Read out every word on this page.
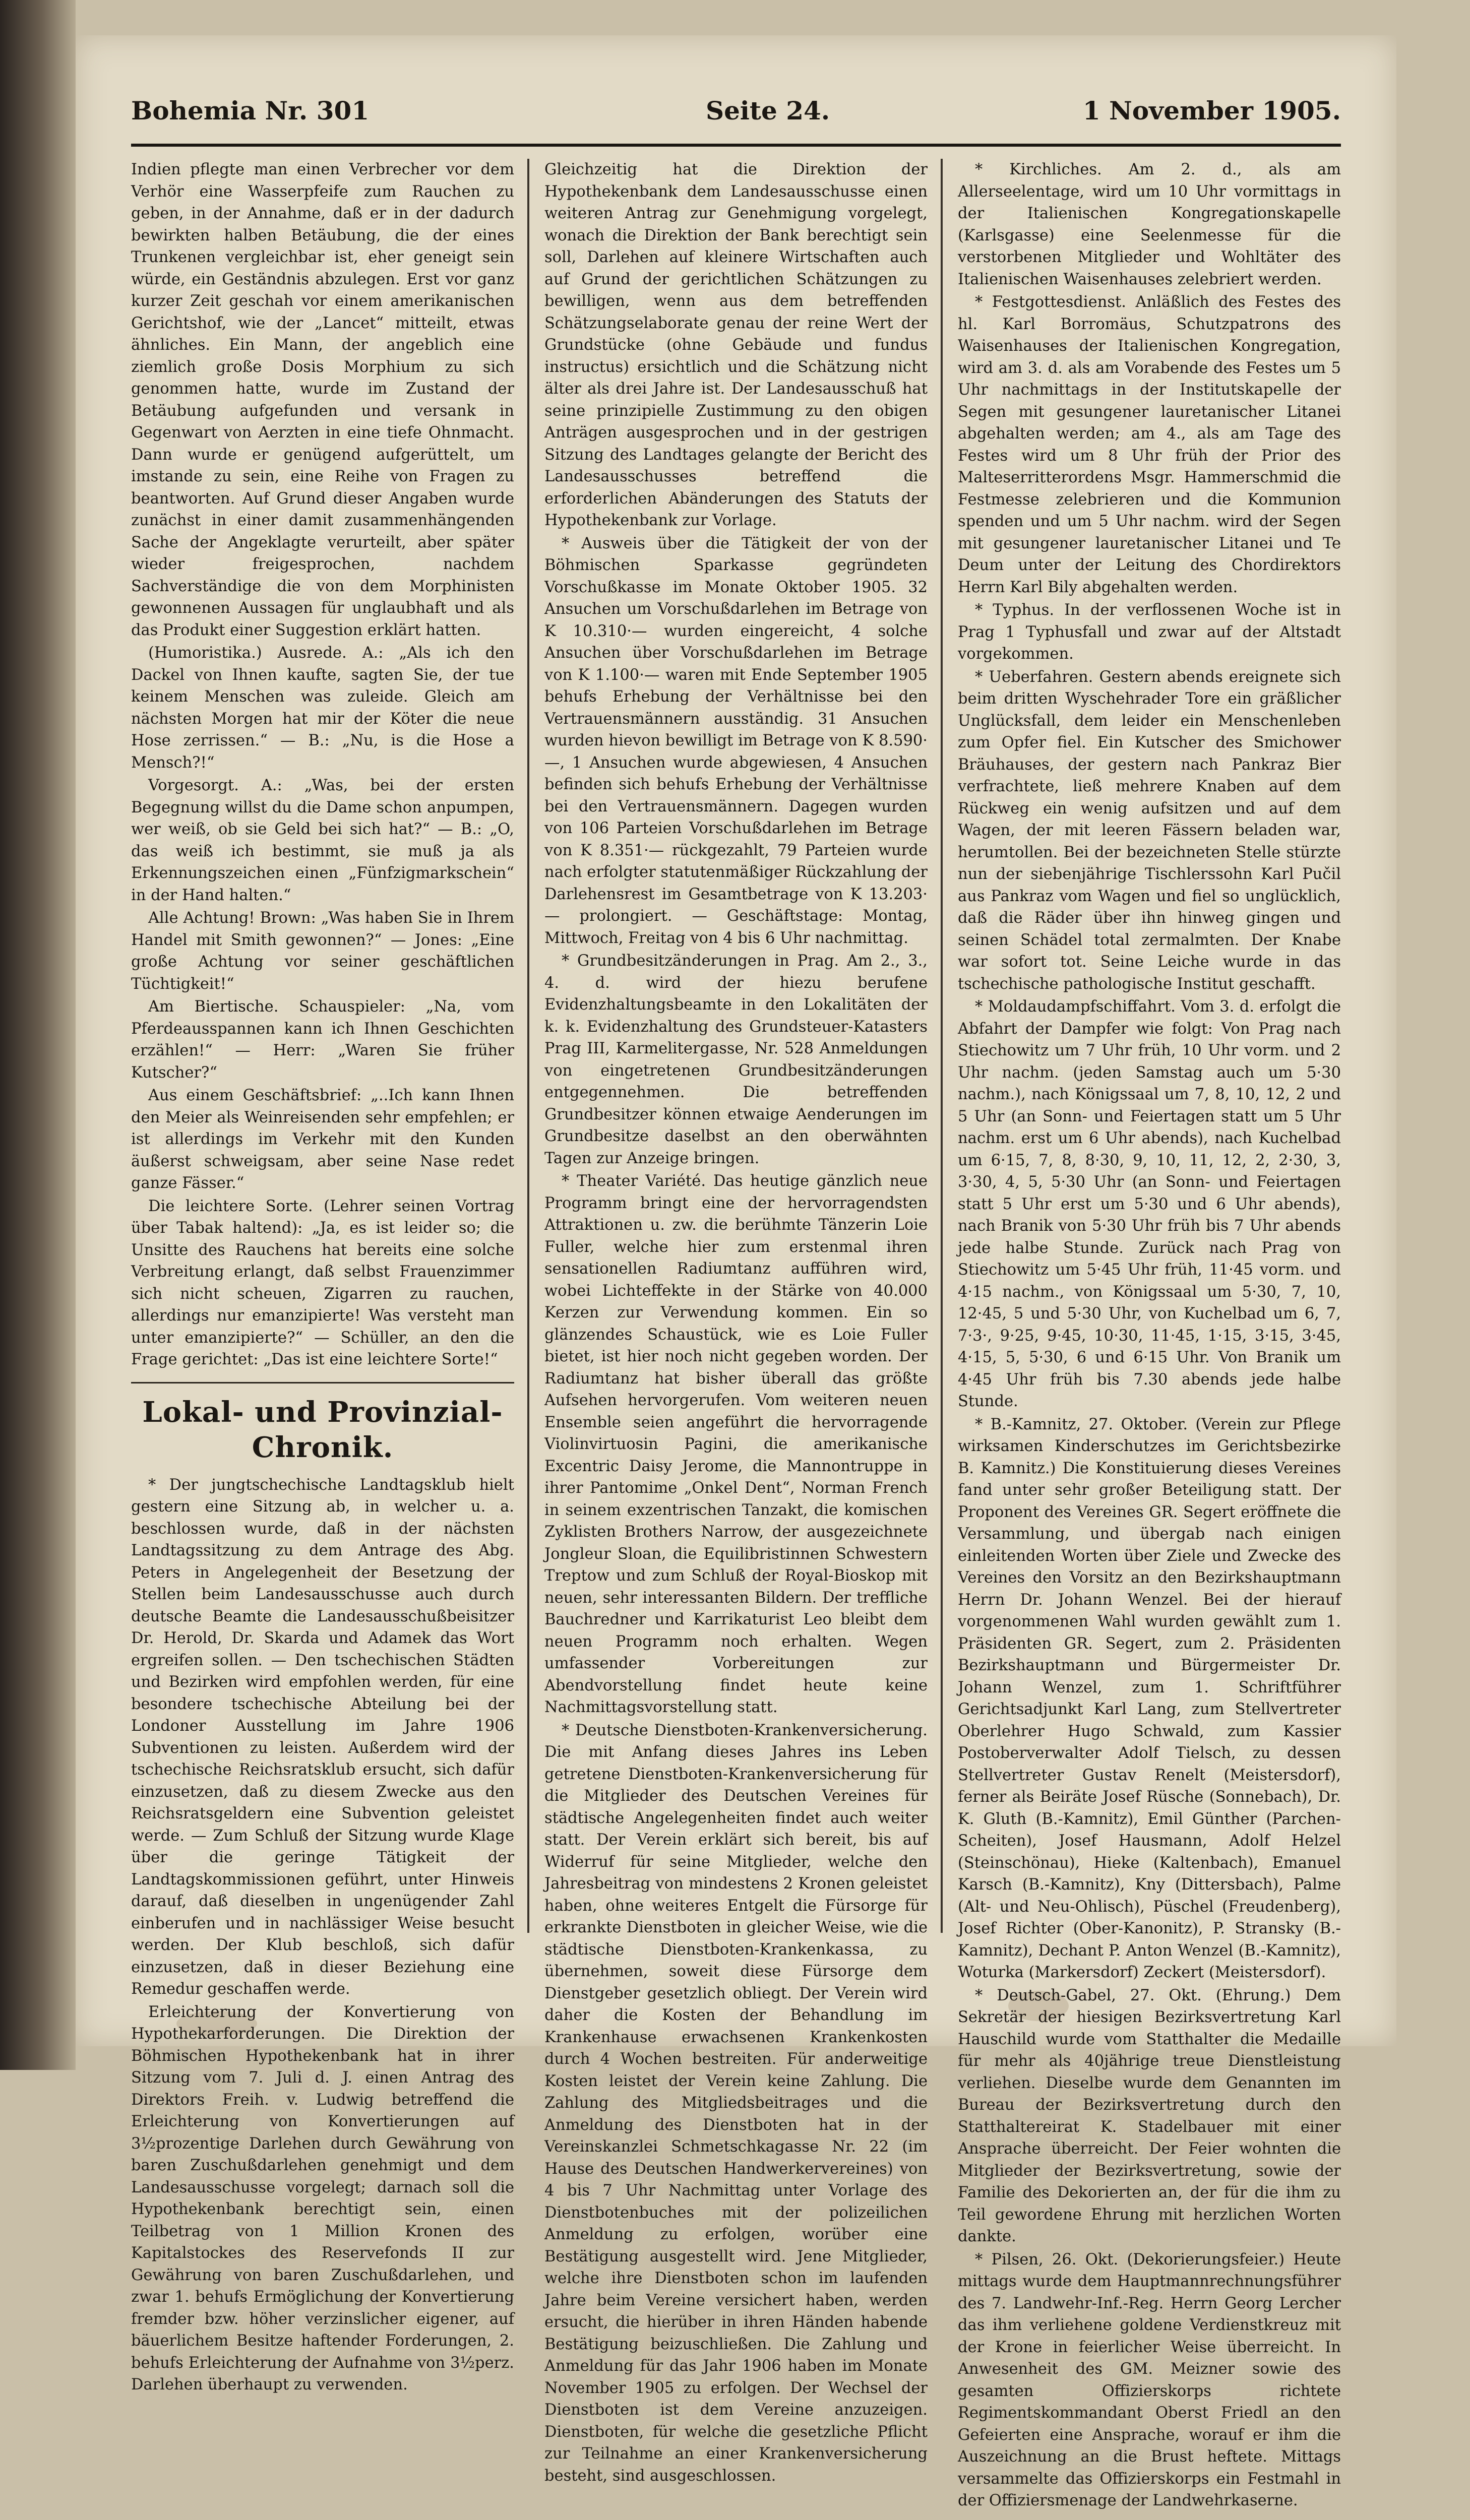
Bohemia Nr. 301	Seite 24.	1 November 1905.

Indien pflegte man einen Verbrecher vor dem Verhör eine Wasserpfeife zum Rauchen zu geben, in der Annahme, daß er in der dadurch bewirkten halben Betäubung, die der eines Trunkenen vergleichbar ist, eher geneigt sein würde, ein Geständnis abzulegen. Erst vor ganz kurzer Zeit geschah vor einem amerikanischen Gerichtshof, wie der „Lancet“ mitteilt, etwas ähnliches. Ein Mann, der angeblich eine ziemlich große Dosis Morphium zu sich genommen hatte, wurde im Zustand der Betäubung aufgefunden und versank in Gegenwart von Aerzten in eine tiefe Ohnmacht. Dann wurde er genügend aufgerüttelt, um imstande zu sein, eine Reihe von Fragen zu beantworten. Auf Grund dieser Angaben wurde zunächst in einer damit zusammenhängenden Sache der Angeklagte verurteilt, aber später wieder freigesprochen, nachdem Sachverständige die von dem Morphinisten gewonnenen Aussagen für unglaubhaft und als das Produkt einer Suggestion erklärt hatten.

(Humoristika.) Ausrede. A.: „Als ich den Dackel von Ihnen kaufte, sagten Sie, der tue keinem Menschen was zuleide. Gleich am nächsten Morgen hat mir der Köter die neue Hose zerrissen.“ — B.: „Nu, is die Hose a Mensch?!“

Vorgesorgt. A.: „Was, bei der ersten Begegnung willst du die Dame schon anpumpen, wer weiß, ob sie Geld bei sich hat?“ — B.: „O, das weiß ich bestimmt, sie muß ja als Erkennungszeichen einen „Fünfzigmarkschein“ in der Hand halten.“

Alle Achtung! Brown: „Was haben Sie in Ihrem Handel mit Smith gewonnen?“ — Jones: „Eine große Achtung vor seiner geschäftlichen Tüchtigkeit!“

Am Biertische. Schauspieler: „Na, vom Pferdeausspannen kann ich Ihnen Geschichten erzählen!“ — Herr: „Waren Sie früher Kutscher?“

Aus einem Geschäftsbrief: „..Ich kann Ihnen den Meier als Weinreisenden sehr empfehlen; er ist allerdings im Verkehr mit den Kunden äußerst schweigsam, aber seine Nase redet ganze Fässer.“

Die leichtere Sorte. (Lehrer seinen Vortrag über Tabak haltend): „Ja, es ist leider so; die Unsitte des Rauchens hat bereits eine solche Verbreitung erlangt, daß selbst Frauenzimmer sich nicht scheuen, Zigarren zu rauchen, allerdings nur emanzipierte! Was versteht man unter emanzipierte?“ — Schüller, an den die Frage gerichtet: „Das ist eine leichtere Sorte!“

Lokal- und Provinzial-Chronik.

* Der jungtschechische Landtagsklub hielt gestern eine Sitzung ab, in welcher u. a. beschlossen wurde, daß in der nächsten Landtagssitzung zu dem Antrage des Abg. Peters in Angelegenheit der Besetzung der Stellen beim Landesausschusse auch durch deutsche Beamte die Landesausschußbeisitzer Dr. Herold, Dr. Skarda und Adamek das Wort ergreifen sollen. — Den tschechischen Städten und Bezirken wird empfohlen werden, für eine besondere tschechische Abteilung bei der Londoner Ausstellung im Jahre 1906 Subventionen zu leisten. Außerdem wird der tschechische Reichsratsklub ersucht, sich dafür einzusetzen, daß zu diesem Zwecke aus den Reichsratsgeldern eine Subvention geleistet werde. — Zum Schluß der Sitzung wurde Klage über die geringe Tätigkeit der Landtagskommissionen geführt, unter Hinweis darauf, daß dieselben in ungenügender Zahl einberufen und in nachlässiger Weise besucht werden. Der Klub beschloß, sich dafür einzusetzen, daß in dieser Beziehung eine Remedur geschaffen werde.

Erleichterung der Konvertierung von Hypothekarforderungen. Die Direktion der Böhmischen Hypothekenbank hat in ihrer Sitzung vom 7. Juli d. J. einen Antrag des Direktors Freih. v. Ludwig betreffend die Erleichterung von Konvertierungen auf 3½prozentige Darlehen durch Gewährung von baren Zuschußdarlehen genehmigt und dem Landesausschusse vorgelegt; darnach soll die Hypothekenbank berechtigt sein, einen Teilbetrag von 1 Million Kronen des Kapitalstockes des Reservefonds II zur Gewährung von baren Zuschußdarlehen, und zwar 1. behufs Ermöglichung der Konvertierung fremder bzw. höher verzinslicher eigener, auf bäuerlichem Besitze haftender Forderungen, 2. behufs Erleichterung der Aufnahme von 3½perz. Darlehen überhaupt zu verwenden.

Gleichzeitig hat die Direktion der Hypothekenbank dem Landesausschusse einen weiteren Antrag zur Genehmigung vorgelegt, wonach die Direktion der Bank berechtigt sein soll, Darlehen auf kleinere Wirtschaften auch auf Grund der gerichtlichen Schätzungen zu bewilligen, wenn aus dem betreffenden Schätzungselaborate genau der reine Wert der Grundstücke (ohne Gebäude und fundus instructus) ersichtlich und die Schätzung nicht älter als drei Jahre ist. Der Landesausschuß hat seine prinzipielle Zustimmung zu den obigen Anträgen ausgesprochen und in der gestrigen Sitzung des Landtages gelangte der Bericht des Landesausschusses betreffend die erforderlichen Abänderungen des Statuts der Hypothekenbank zur Vorlage.

* Ausweis über die Tätigkeit der von der Böhmischen Sparkasse gegründeten Vorschußkasse im Monate Oktober 1905. 32 Ansuchen um Vorschußdarlehen im Betrage von K 10.310·— wurden eingereicht, 4 solche Ansuchen über Vorschußdarlehen im Betrage von K 1.100·— waren mit Ende September 1905 behufs Erhebung der Verhältnisse bei den Vertrauensmännern ausständig. 31 Ansuchen wurden hievon bewilligt im Betrage von K 8.590·—, 1 Ansuchen wurde abgewiesen, 4 Ansuchen befinden sich behufs Erhebung der Verhältnisse bei den Vertrauensmännern. Dagegen wurden von 106 Parteien Vorschußdarlehen im Betrage von K 8.351·— rückgezahlt, 79 Parteien wurde nach erfolgter statutenmäßiger Rückzahlung der Darlehensrest im Gesamtbetrage von K 13.203·— prolongiert. — Geschäftstage: Montag, Mittwoch, Freitag von 4 bis 6 Uhr nachmittag.

* Grundbesitzänderungen in Prag. Am 2., 3., 4. d. wird der hiezu berufene Evidenzhaltungsbeamte in den Lokalitäten der k. k. Evidenzhaltung des Grundsteuer-Katasters Prag III, Karmelitergasse, Nr. 528 Anmeldungen von eingetretenen Grundbesitzänderungen entgegennehmen. Die betreffenden Grundbesitzer können etwaige Aenderungen im Grundbesitze daselbst an den oberwähnten Tagen zur Anzeige bringen.

* Theater Variété. Das heutige gänzlich neue Programm bringt eine der hervorragendsten Attraktionen u. zw. die berühmte Tänzerin Loie Fuller, welche hier zum erstenmal ihren sensationellen Radiumtanz aufführen wird, wobei Lichteffekte in der Stärke von 40.000 Kerzen zur Verwendung kommen. Ein so glänzendes Schaustück, wie es Loie Fuller bietet, ist hier noch nicht gegeben worden. Der Radiumtanz hat bisher überall das größte Aufsehen hervorgerufen. Vom weiteren neuen Ensemble seien angeführt die hervorragende Violinvirtuosin Pagini, die amerikanische Excentric Daisy Jerome, die Mannontruppe in ihrer Pantomime „Onkel Dent“, Norman French in seinem exzentrischen Tanzakt, die komischen Zyklisten Brothers Narrow, der ausgezeichnete Jongleur Sloan, die Equilibristinnen Schwestern Treptow und zum Schluß der Royal-Bioskop mit neuen, sehr interessanten Bildern. Der treffliche Bauchredner und Karrikaturist Leo bleibt dem neuen Programm noch erhalten. Wegen umfassender Vorbereitungen zur Abendvorstellung findet heute keine Nachmittagsvorstellung statt.

* Deutsche Dienstboten-Krankenversicherung. Die mit Anfang dieses Jahres ins Leben getretene Dienstboten-Krankenversicherung für die Mitglieder des Deutschen Vereines für städtische Angelegenheiten findet auch weiter statt. Der Verein erklärt sich bereit, bis auf Widerruf für seine Mitglieder, welche den Jahresbeitrag von mindestens 2 Kronen geleistet haben, ohne weiteres Entgelt die Fürsorge für erkrankte Dienstboten in gleicher Weise, wie die städtische Dienstboten-Krankenkassa, zu übernehmen, soweit diese Fürsorge dem Dienstgeber gesetzlich obliegt. Der Verein wird daher die Kosten der Behandlung im Krankenhause erwachsenen Krankenkosten durch 4 Wochen bestreiten. Für anderweitige Kosten leistet der Verein keine Zahlung. Die Zahlung des Mitgliedsbeitrages und die Anmeldung des Dienstboten hat in der Vereinskanzlei Schmetschkagasse Nr. 22 (im Hause des Deutschen Handwerkervereines) von 4 bis 7 Uhr Nachmittag unter Vorlage des Dienstbotenbuches mit der polizeilichen Anmeldung zu erfolgen, worüber eine Bestätigung ausgestellt wird. Jene Mitglieder, welche ihre Dienstboten schon im laufenden Jahre beim Vereine versichert haben, werden ersucht, die hierüber in ihren Händen habende Bestätigung beizuschließen. Die Zahlung und Anmeldung für das Jahr 1906 haben im Monate November 1905 zu erfolgen. Der Wechsel der Dienstboten ist dem Vereine anzuzeigen. Dienstboten, für welche die gesetzliche Pflicht zur Teilnahme an einer Krankenversicherung besteht, sind ausgeschlossen.

* Kirchliches. Am 2. d., als am Allerseelentage, wird um 10 Uhr vormittags in der Italienischen Kongregationskapelle (Karlsgasse) eine Seelenmesse für die verstorbenen Mitglieder und Wohltäter des Italienischen Waisenhauses zelebriert werden.

* Festgottesdienst. Anläßlich des Festes des hl. Karl Borromäus, Schutzpatrons des Waisenhauses der Italienischen Kongregation, wird am 3. d. als am Vorabende des Festes um 5 Uhr nachmittags in der Institutskapelle der Segen mit gesungener lauretanischer Litanei abgehalten werden; am 4., als am Tage des Festes wird um 8 Uhr früh der Prior des Malteserritterordens Msgr. Hammerschmid die Festmesse zelebrieren und die Kommunion spenden und um 5 Uhr nachm. wird der Segen mit gesungener lauretanischer Litanei und Te Deum unter der Leitung des Chordirektors Herrn Karl Bily abgehalten werden.

* Typhus. In der verflossenen Woche ist in Prag 1 Typhusfall und zwar auf der Altstadt vorgekommen.

* Ueberfahren. Gestern abends ereignete sich beim dritten Wyschehrader Tore ein gräßlicher Unglücksfall, dem leider ein Menschenleben zum Opfer fiel. Ein Kutscher des Smichower Bräuhauses, der gestern nach Pankraz Bier verfrachtete, ließ mehrere Knaben auf dem Rückweg ein wenig aufsitzen und auf dem Wagen, der mit leeren Fässern beladen war, herumtollen. Bei der bezeichneten Stelle stürzte nun der siebenjährige Tischlerssohn Karl Pučil aus Pankraz vom Wagen und fiel so unglücklich, daß die Räder über ihn hinweg gingen und seinen Schädel total zermalmten. Der Knabe war sofort tot. Seine Leiche wurde in das tschechische pathologische Institut geschafft.

* Moldaudampfschiffahrt. Vom 3. d. erfolgt die Abfahrt der Dampfer wie folgt: Von Prag nach Stiechowitz um 7 Uhr früh, 10 Uhr vorm. und 2 Uhr nachm. (jeden Samstag auch um 5·30 nachm.), nach Königssaal um 7, 8, 10, 12, 2 und 5 Uhr (an Sonn- und Feiertagen statt um 5 Uhr nachm. erst um 6 Uhr abends), nach Kuchelbad um 6·15, 7, 8, 8·30, 9, 10, 11, 12, 2, 2·30, 3, 3·30, 4, 5, 5·30 Uhr (an Sonn- und Feiertagen statt 5 Uhr erst um 5·30 und 6 Uhr abends), nach Branik von 5·30 Uhr früh bis 7 Uhr abends jede halbe Stunde. Zurück nach Prag von Stiechowitz um 5·45 Uhr früh, 11·45 vorm. und 4·15 nachm., von Königssaal um 5·30, 7, 10, 12·45, 5 und 5·30 Uhr, von Kuchelbad um 6, 7, 7·3·, 9·25, 9·45, 10·30, 11·45, 1·15, 3·15, 3·45, 4·15, 5, 5·30, 6 und 6·15 Uhr. Von Branik um 4·45 Uhr früh bis 7.30 abends jede halbe Stunde.

* B.-Kamnitz, 27. Oktober. (Verein zur Pflege wirksamen Kinderschutzes im Gerichtsbezirke B. Kamnitz.) Die Konstituierung dieses Vereines fand unter sehr großer Beteiligung statt. Der Proponent des Vereines GR. Segert eröffnete die Versammlung, und übergab nach einigen einleitenden Worten über Ziele und Zwecke des Vereines den Vorsitz an den Bezirkshauptmann Herrn Dr. Johann Wenzel. Bei der hierauf vorgenommenen Wahl wurden gewählt zum 1. Präsidenten GR. Segert, zum 2. Präsidenten Bezirkshauptmann und Bürgermeister Dr. Johann Wenzel, zum 1. Schriftführer Gerichtsadjunkt Karl Lang, zum Stellvertreter Oberlehrer Hugo Schwald, zum Kassier Postoberverwalter Adolf Tielsch, zu dessen Stellvertreter Gustav Renelt (Meistersdorf), ferner als Beiräte Josef Rüsche (Sonnebach), Dr. K. Gluth (B.-Kamnitz), Emil Günther (Parchen-Scheiten), Josef Hausmann, Adolf Helzel (Steinschönau), Hieke (Kaltenbach), Emanuel Karsch (B.-Kamnitz), Kny (Dittersbach), Palme (Alt- und Neu-Ohlisch), Püschel (Freudenberg), Josef Richter (Ober-Kanonitz), P. Stransky (B.-Kamnitz), Dechant P. Anton Wenzel (B.-Kamnitz), Woturka (Markersdorf) Zeckert (Meistersdorf).

* Deutsch-Gabel, 27. Okt. (Ehrung.) Dem Sekretär der hiesigen Bezirksvertretung Karl Hauschild wurde vom Statthalter die Medaille für mehr als 40jährige treue Dienstleistung verliehen. Dieselbe wurde dem Genannten im Bureau der Bezirksvertretung durch den Statthaltereirat K. Stadelbauer mit einer Ansprache überreicht. Der Feier wohnten die Mitglieder der Bezirksvertretung, sowie der Familie des Dekorierten an, der für die ihm zu Teil gewordene Ehrung mit herzlichen Worten dankte.

* Pilsen, 26. Okt. (Dekorierungsfeier.) Heute mittags wurde dem Hauptmannrechnungsführer des 7. Landwehr-Inf.-Reg. Herrn Georg Lercher das ihm verliehene goldene Verdienstkreuz mit der Krone in feierlicher Weise überreicht. In Anwesenheit des GM. Meizner sowie des gesamten Offizierskorps richtete Regimentskommandant Oberst Friedl an den Gefeierten eine Ansprache, worauf er ihm die Auszeichnung an die Brust heftete. Mittags versammelte das Offizierskorps ein Festmahl in der Offiziersmenage der Landwehrkaserne.
